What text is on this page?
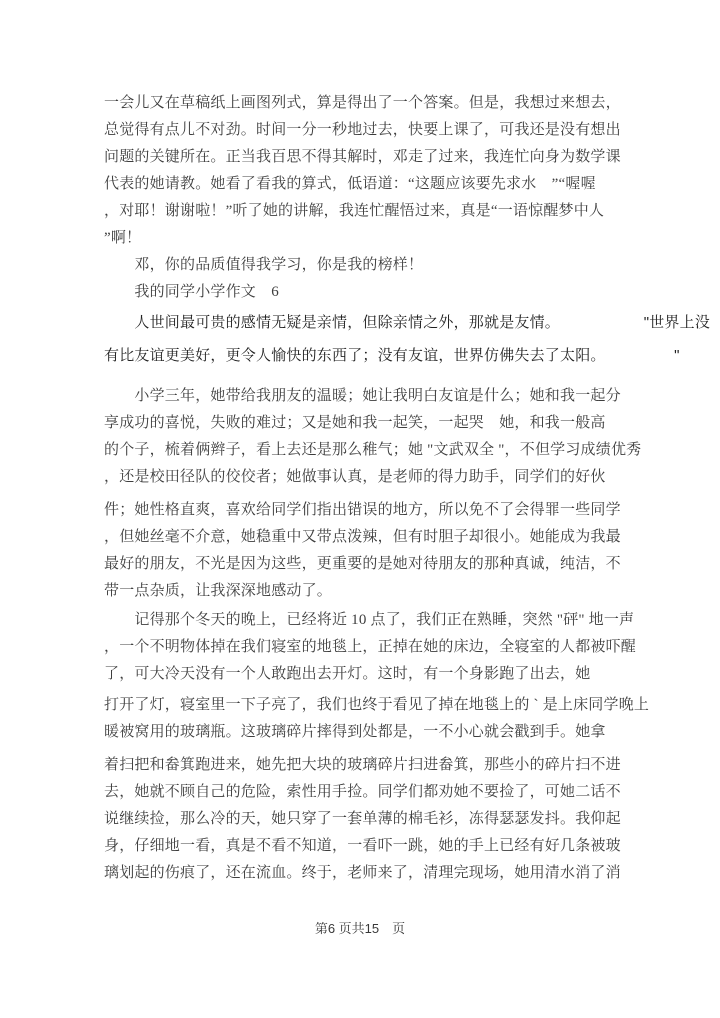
一会儿又在草稿纸上画图列式，算是得出了一个答案。但是，我想过来想去，
总觉得有点儿不对劲。时间一分一秒地过去，快要上课了，可我还是没有想出
问题的关键所在。正当我百思不得其解时，邓走了过来，我连忙向身为数学课
代表的她请教。她看了看我的算式，低语道：“这题应该要先求水　”“喔喔
，对耶！谢谢啦！”听了她的讲解，我连忙醒悟过来，真是“一语惊醒梦中人
”啊！
　　邓，你的品质值得我学习，你是我的榜样！
　　我的同学小学作文　6
　　人世间最可贵的感情无疑是亲情，但除亲情之外，那就是友情。　　　　　　"世界上没
有比友谊更美好，更令人愉快的东西了；没有友谊，世界仿佛失去了太阳。　　　　　"
　　小学三年，她带给我朋友的温暖；她让我明白友谊是什么；她和我一起分
享成功的喜悦，失败的难过；又是她和我一起笑，一起哭　她，和我一般高
的个子，梳着俩辫子，看上去还是那么稚气；她 "文武双全 "，不但学习成绩优秀
，还是校田径队的佼佼者；她做事认真，是老师的得力助手，同学们的好伙
件；她性格直爽，喜欢给同学们指出错误的地方，所以免不了会得罪一些同学
，但她丝毫不介意，她稳重中又带点泼辣，但有时胆子却很小。她能成为我最
最好的朋友，不光是因为这些，更重要的是她对待朋友的那种真诚，纯洁，不
带一点杂质，让我深深地感动了。
　　记得那个冬天的晚上，已经将近 10 点了，我们正在熟睡，突然 "砰" 地一声
，一个不明物体掉在我们寝室的地毯上，正掉在她的床边，全寝室的人都被吓醒
了，可大冷天没有一个人敢跑出去开灯。这时，有一个身影跑了出去，她
打开了灯，寝室里一下子亮了，我们也终于看见了掉在地毯上的 ` 是上床同学晚上
暖被窝用的玻璃瓶。这玻璃碎片摔得到处都是，一不小心就会戳到手。她拿
着扫把和畚箕跑进来，她先把大块的玻璃碎片扫进畚箕，那些小的碎片扫不进
去，她就不顾自己的危险，索性用手捡。同学们都劝她不要捡了，可她二话不
说继续捡，那么冷的天，她只穿了一套单薄的棉毛衫，冻得瑟瑟发抖。我仰起
身，仔细地一看，真是不看不知道，一看吓一跳，她的手上已经有好几条被玻
璃划起的伤痕了，还在流血。终于，老师来了，清理完现场，她用清水消了消
第6 页共15　页
